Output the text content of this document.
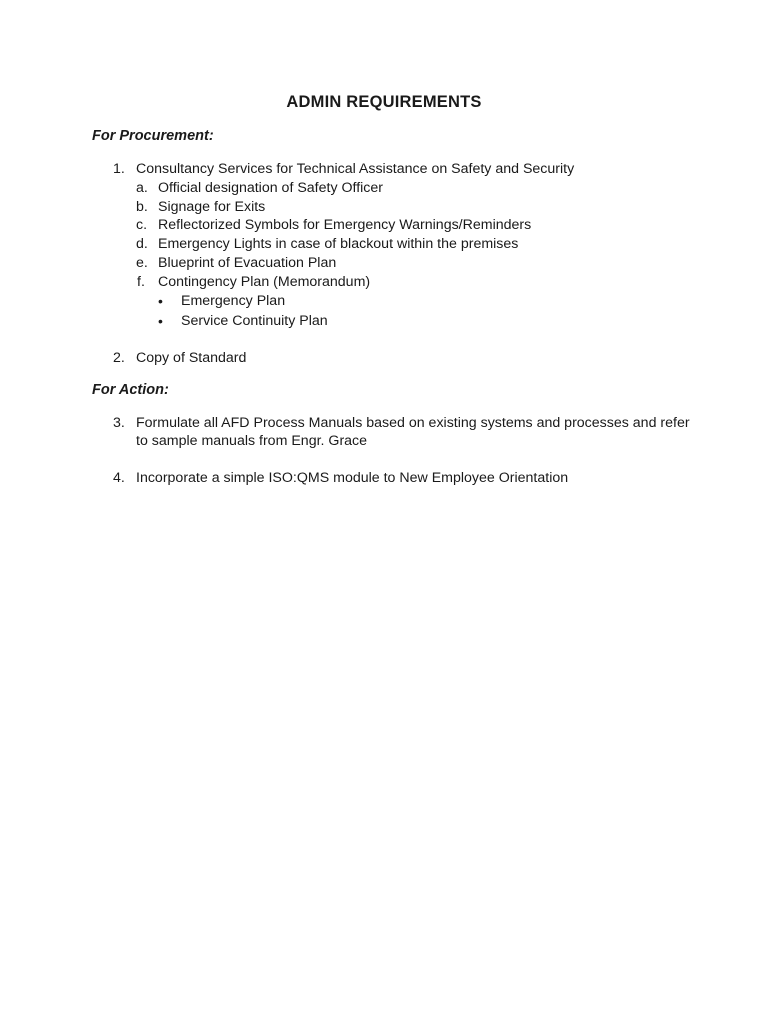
ADMIN REQUIREMENTS
For Procurement:
1. Consultancy Services for Technical Assistance on Safety and Security
a. Official designation of Safety Officer
b. Signage for Exits
c. Reflectorized Symbols for Emergency Warnings/Reminders
d. Emergency Lights in case of blackout within the premises
e. Blueprint of Evacuation Plan
f. Contingency Plan (Memorandum)
• Emergency Plan
• Service Continuity Plan
2. Copy of Standard
For Action:
3. Formulate all AFD Process Manuals based on existing systems and processes and refer
to sample manuals from Engr. Grace
4. Incorporate a simple ISO:QMS module to New Employee Orientation
